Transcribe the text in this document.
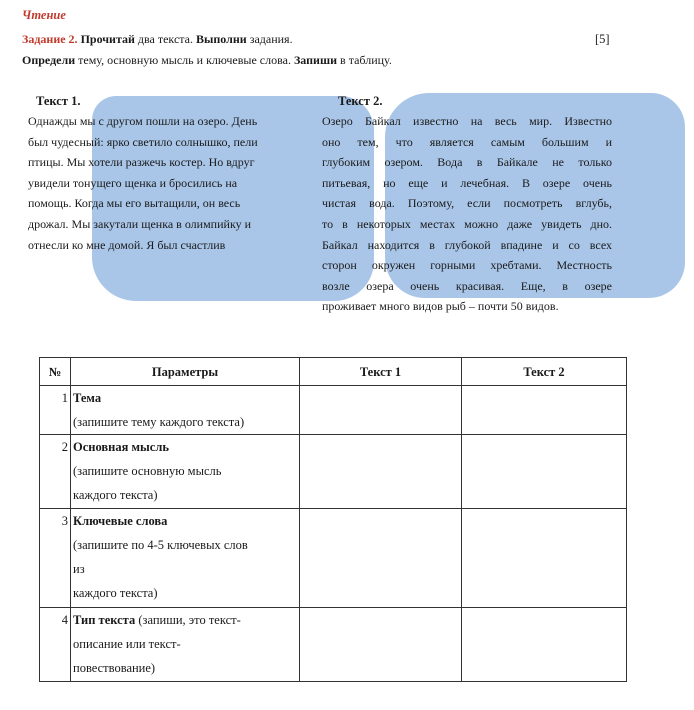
Чтение
Задание 2. Прочитай два текста. Выполни задания.	[5]
Определи тему, основную мысль и ключевые слова. Запиши в таблицу.
Текст 1.
Однажды мы с другом пошли на озеро. День
был чудесный: ярко светило солнышко, пели
птицы. Мы хотели разжечь костер. Но вдруг
увидели тонущего щенка и бросились на
помощь. Когда мы его вытащили, он весь
дрожал. Мы закутали щенка в олимпийку и
отнесли ко мне домой. Я был счастлив
Текст 2.
Озеро Байкал известно на весь мир. Известно
оно тем, что является самым большим и
глубоким озером. Вода в Байкале не только
питьевая, но еще и лечебная. В озере очень
чистая вода. Поэтому, если посмотреть вглубь,
то в некоторых местах можно даже увидеть дно.
Байкал находится в глубокой впадине и со всех
сторон окружен горными хребтами. Местность
возле озера очень красивая. Еще, в озере
проживает много видов рыб – почти 50 видов.
№	Параметры	Текст 1	Текст 2
1	Тема
(запишите тему каждого текста)		

2	Основная мысль
(запишите основную мысль
каждого текста)		

3	Ключевые слова
(запишите по 4-5 ключевых слов
из
каждого текста)		

4	Тип текста (запиши, это текст-
описание или текст-
повествование)		
